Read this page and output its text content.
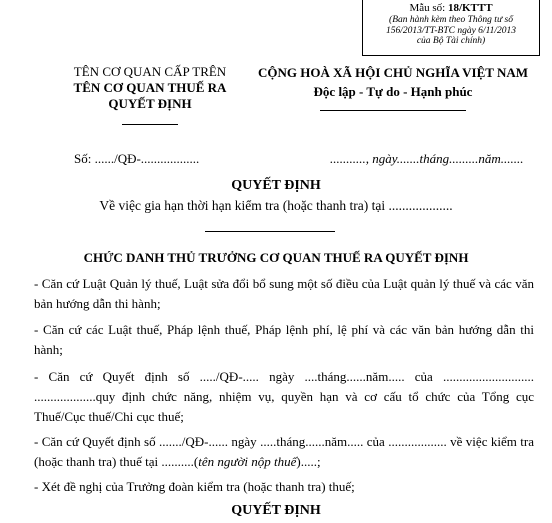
Mẫu số: 18/KTTT
(Ban hành kèm theo Thông tư số
156/2013/TT-BTC ngày 6/11/2013
của Bộ Tài chính)
TÊN CƠ QUAN CẤP TRÊN
TÊN CƠ QUAN THUẾ RA
QUYẾT ĐỊNH
CỘNG HOÀ XÃ HỘI CHỦ NGHĨA VIỆT NAM
Độc lập - Tự do - Hạnh phúc
Số: ....../QĐ-..................	..........., ngày.......tháng.........năm.......
QUYẾT ĐỊNH
Về việc gia hạn thời hạn kiểm tra (hoặc thanh tra) tại ...................
CHỨC DANH THỦ TRƯỞNG CƠ QUAN THUẾ RA QUYẾT ĐỊNH
- Căn cứ Luật Quản lý thuế, Luật sửa đổi bổ sung một số điều của Luật quản lý thuế và các văn bản hướng dẫn thi hành;
- Căn cứ các Luật thuế, Pháp lệnh thuế, Pháp lệnh phí, lệ phí và các văn bản hướng dẫn thi hành;
- Căn cứ Quyết định số ...../QĐ-..... ngày ....tháng......năm..... của ............................ ...................quy định chức năng, nhiệm vụ, quyền hạn và cơ cấu tổ chức của Tổng cục Thuế/Cục thuế/Chi cục thuế;
- Căn cứ Quyết định số ......./QĐ-...... ngày .....tháng......năm..... của .................. về việc kiểm tra (hoặc thanh tra) thuế tại ..........(tên người nộp thuế).....;
- Xét đề nghị của Trưởng đoàn kiểm tra (hoặc thanh tra) thuế;
QUYẾT ĐỊNH
